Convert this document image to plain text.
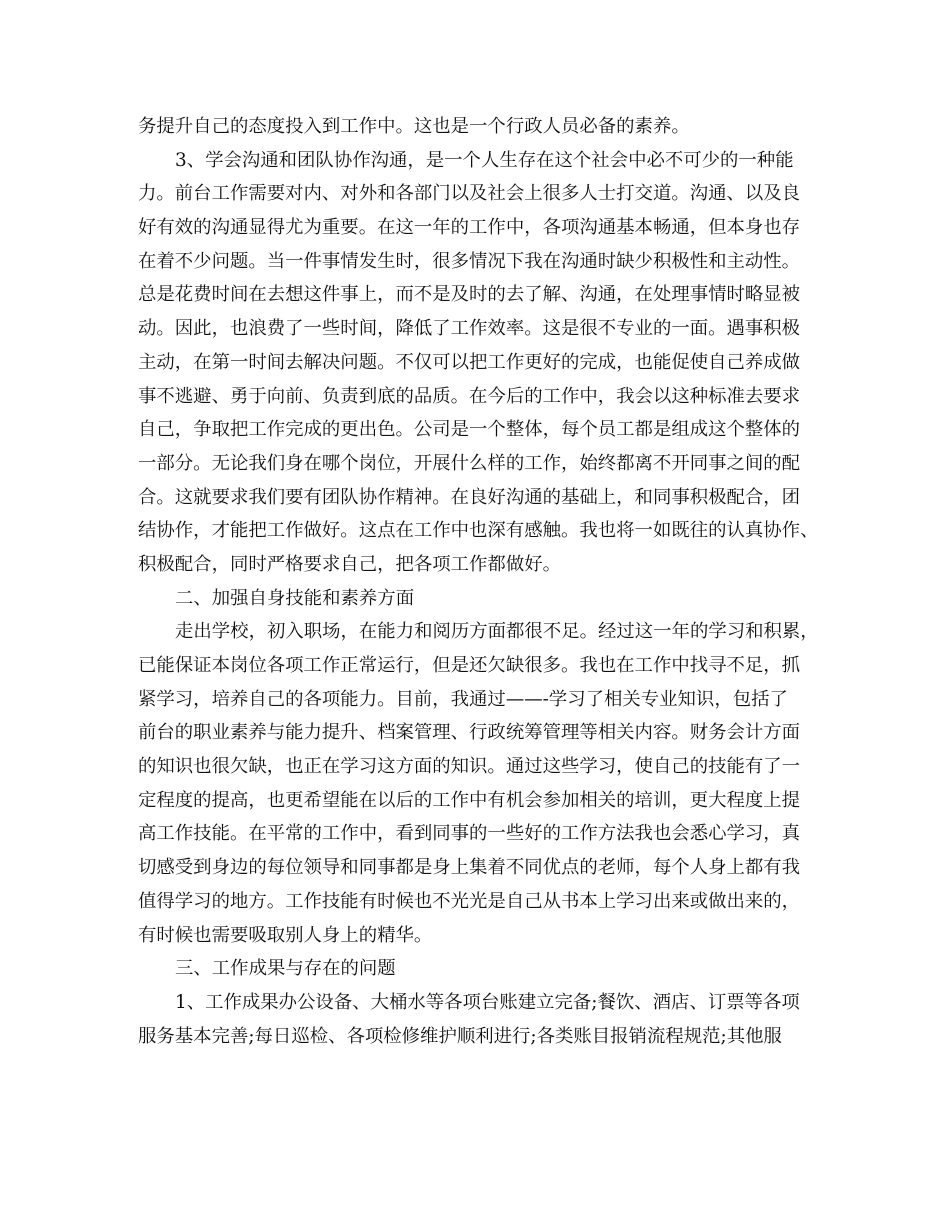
务提升自己的态度投入到工作中。这也是一个行政人员必备的素养。
3、学会沟通和团队协作沟通，是一个人生存在这个社会中必不可少的一种能
力。前台工作需要对内、对外和各部门以及社会上很多人士打交道。沟通、以及良
好有效的沟通显得尤为重要。在这一年的工作中，各项沟通基本畅通，但本身也存
在着不少问题。当一件事情发生时，很多情况下我在沟通时缺少积极性和主动性。
总是花费时间在去想这件事上，而不是及时的去了解、沟通，在处理事情时略显被
动。因此，也浪费了一些时间，降低了工作效率。这是很不专业的一面。遇事积极
主动，在第一时间去解决问题。不仅可以把工作更好的完成，也能促使自己养成做
事不逃避、勇于向前、负责到底的品质。在今后的工作中，我会以这种标准去要求
自己，争取把工作完成的更出色。公司是一个整体，每个员工都是组成这个整体的
一部分。无论我们身在哪个岗位，开展什么样的工作，始终都离不开同事之间的配
合。这就要求我们要有团队协作精神。在良好沟通的基础上，和同事积极配合，团
结协作，才能把工作做好。这点在工作中也深有感触。我也将一如既往的认真协作、
积极配合，同时严格要求自己，把各项工作都做好。
二、加强自身技能和素养方面
走出学校，初入职场，在能力和阅历方面都很不足。经过这一年的学习和积累，
已能保证本岗位各项工作正常运行，但是还欠缺很多。我也在工作中找寻不足，抓
紧学习，培养自己的各项能力。目前，我通过——-学习了相关专业知识，包括了
前台的职业素养与能力提升、档案管理、行政统筹管理等相关内容。财务会计方面
的知识也很欠缺，也正在学习这方面的知识。通过这些学习，使自己的技能有了一
定程度的提高，也更希望能在以后的工作中有机会参加相关的培训，更大程度上提
高工作技能。在平常的工作中，看到同事的一些好的工作方法我也会悉心学习，真
切感受到身边的每位领导和同事都是身上集着不同优点的老师，每个人身上都有我
值得学习的地方。工作技能有时候也不光光是自己从书本上学习出来或做出来的，
有时候也需要吸取别人身上的精华。
三、工作成果与存在的问题
1、工作成果办公设备、大桶水等各项台账建立完备;餐饮、酒店、订票等各项
服务基本完善;每日巡检、各项检修维护顺利进行;各类账目报销流程规范;其他服
